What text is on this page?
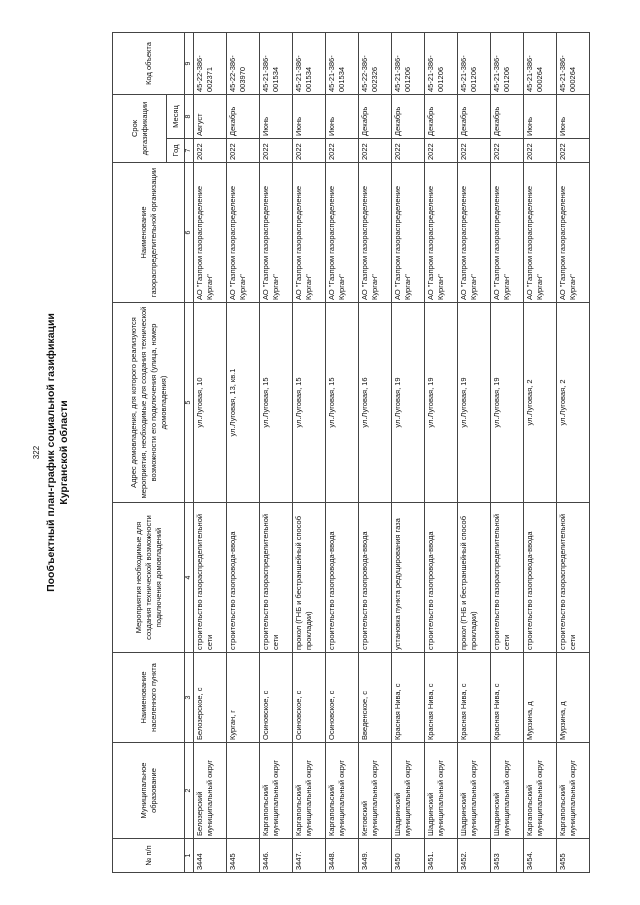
322 Пообъектный план-график социальной газификации Курганской области
№ п/п	Муниципальное образование	Наименование населенного пункта	Мероприятия необходимые для создания технической возможности подключения домовладений	Адрес домовладения, для которого реализуются мероприятия, необходимые для создания технической возможности его подключения (улица, номер домовладения)	Наименование газораспределительной организации	Срок догазификации		Код объекта
						Год	Месяц	
1	2	3	4	5	6	7	8	9
3444	Белозерский муниципальный округ	Белозерское, с	строительство газораспределительной сети	ул.Луговая, 10	АО "Газпром газораспределение Курган"	2022	Август	45-22-386-002371
3445		Курган, г	строительство газопровода-ввода	ул.Луговая, 13, кв.1	АО "Газпром газораспределение Курган"	2022	Декабрь	45-22-386-003970
3446.	Каргапольский муниципальный округ	Осиновское, с	строительство газораспределительной сети	ул.Луговая, 15	АО "Газпром газораспределение Курган"	2022	Июнь	45-21-386-001534
3447.	Каргапольский муниципальный округ	Осиновское, с	прокол (ГНБ и бестраншейный способ прокладки)	ул.Луговая, 15	АО "Газпром газораспределение Курган"	2022	Июнь	45-21-386-001534
3448.	Каргапольский муниципальный округ	Осиновское, с	строительство газопровода-ввода	ул.Луговая, 15	АО "Газпром газораспределение Курган"	2022	Июнь	45-21-386-001534
3449.	Кетовский муниципальный округ	Введенское, с	строительство газопровода-ввода	ул.Луговая, 16	АО "Газпром газораспределение Курган"	2022	Декабрь	45-22-386-002326
3450	Шадринский муниципальный округ	Красная Нива, с	установка пункта редуцирования газа	ул.Луговая, 19	АО "Газпром газораспределение Курган"	2022	Декабрь	45-21-386-001206
3451.	Шадринский муниципальный округ	Красная Нива, с	строительство газопровода-ввода	ул.Луговая, 19	АО "Газпром газораспределение Курган"	2022	Декабрь	45-21-386-001206
3452.	Шадринский муниципальный округ	Красная Нива, с	прокол (ГНБ и бестраншейный способ прокладки)	ул.Луговая, 19	АО "Газпром газораспределение Курган"	2022	Декабрь	45-21-386-001206
3453	Шадринский муниципальный округ	Красная Нива, с	строительство газораспределительной сети	ул.Луговая, 19	АО "Газпром газораспределение Курган"	2022	Декабрь	45-21-386-001206
3454.	Каргапольский муниципальный округ	Мурзина, д	строительство газопровода-ввода	ул.Луговая, 2	АО "Газпром газораспределение Курган"	2022	Июнь	45-21-386-000264
3455	Каргапольский муниципальный округ	Мурзина, д	строительство газораспределительной сети	ул.Луговая, 2	АО "Газпром газораспределение Курган"	2022	Июнь	45-21-386-000264
